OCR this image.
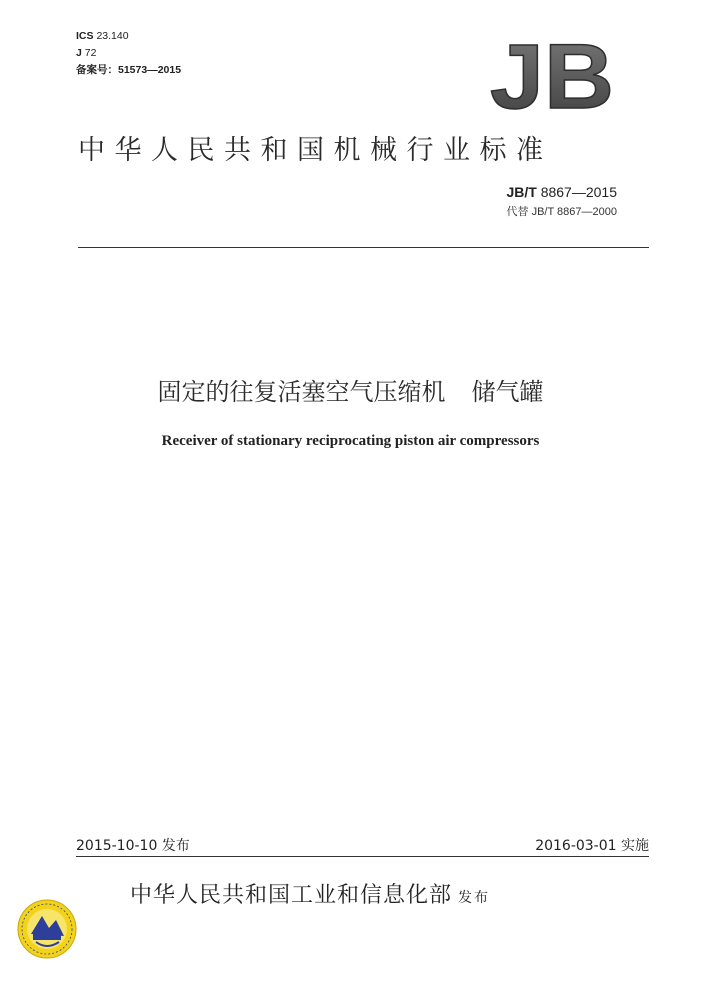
ICS 23.140
J 72
备案号：51573—2015	JB
中华人民共和国机械行业标准
JB/T 8867—2015
代替 JB/T 8867—2000
固定的往复活塞空气压缩机 储气罐
Receiver of stationary reciprocating piston air compressors
2015-10-10 发布	2016-03-01 实施
中华人民共和国工业和信息化部 发布
